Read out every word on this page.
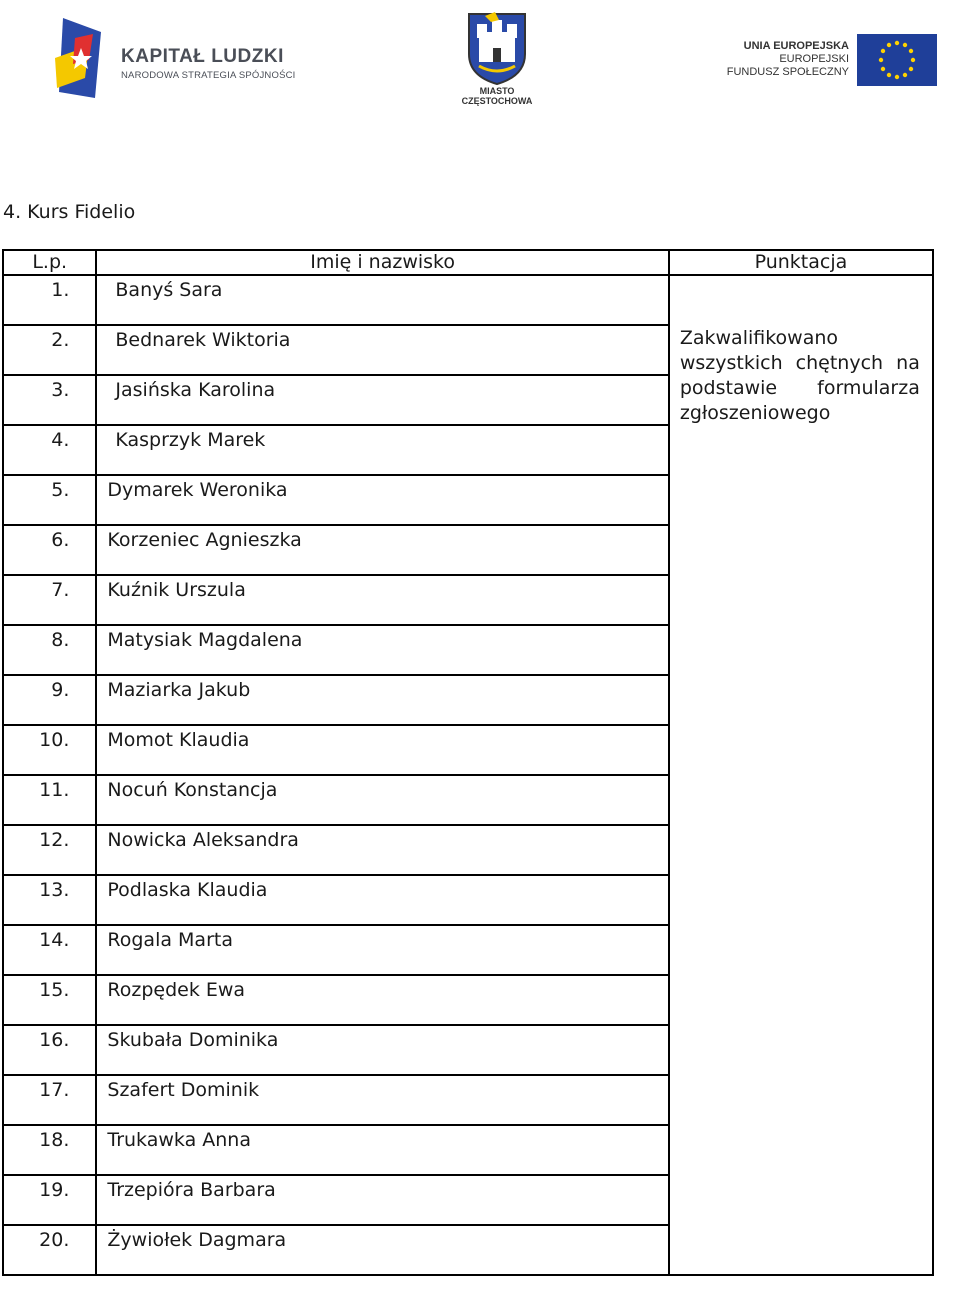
KAPITAŁ LUDZKI
NARODOWA STRATEGIA SPÓJNOŚCI
MIASTO
CZĘSTOCHOWA
UNIA EUROPEJSKA
EUROPEJSKI
FUNDUSZ SPOŁECZNY
4. Kurs Fidelio
L.p.	Imię i nazwisko	Punktacja

1.	Banyś Sara	Zakwalifikowano wszystkich chętnych na podstawie formularza zgłoszeniowego

2.	Bednarek Wiktoria	

3.	Jasińska Karolina	

4.	Kasprzyk Marek	

5.	Dymarek Weronika	

6.	Korzeniec Agnieszka	

7.	Kuźnik Urszula	

8.	Matysiak Magdalena	

9.	Maziarka Jakub	

10.	Momot Klaudia	

11.	Nocuń Konstancja	

12.	Nowicka Aleksandra	

13.	Podlaska Klaudia	

14.	Rogala Marta	

15.	Rozpędek Ewa	

16.	Skubała Dominika	

17.	Szafert Dominik	

18.	Trukawka Anna	

19.	Trzepióra Barbara	

20.	Żywiołek Dagmara	
